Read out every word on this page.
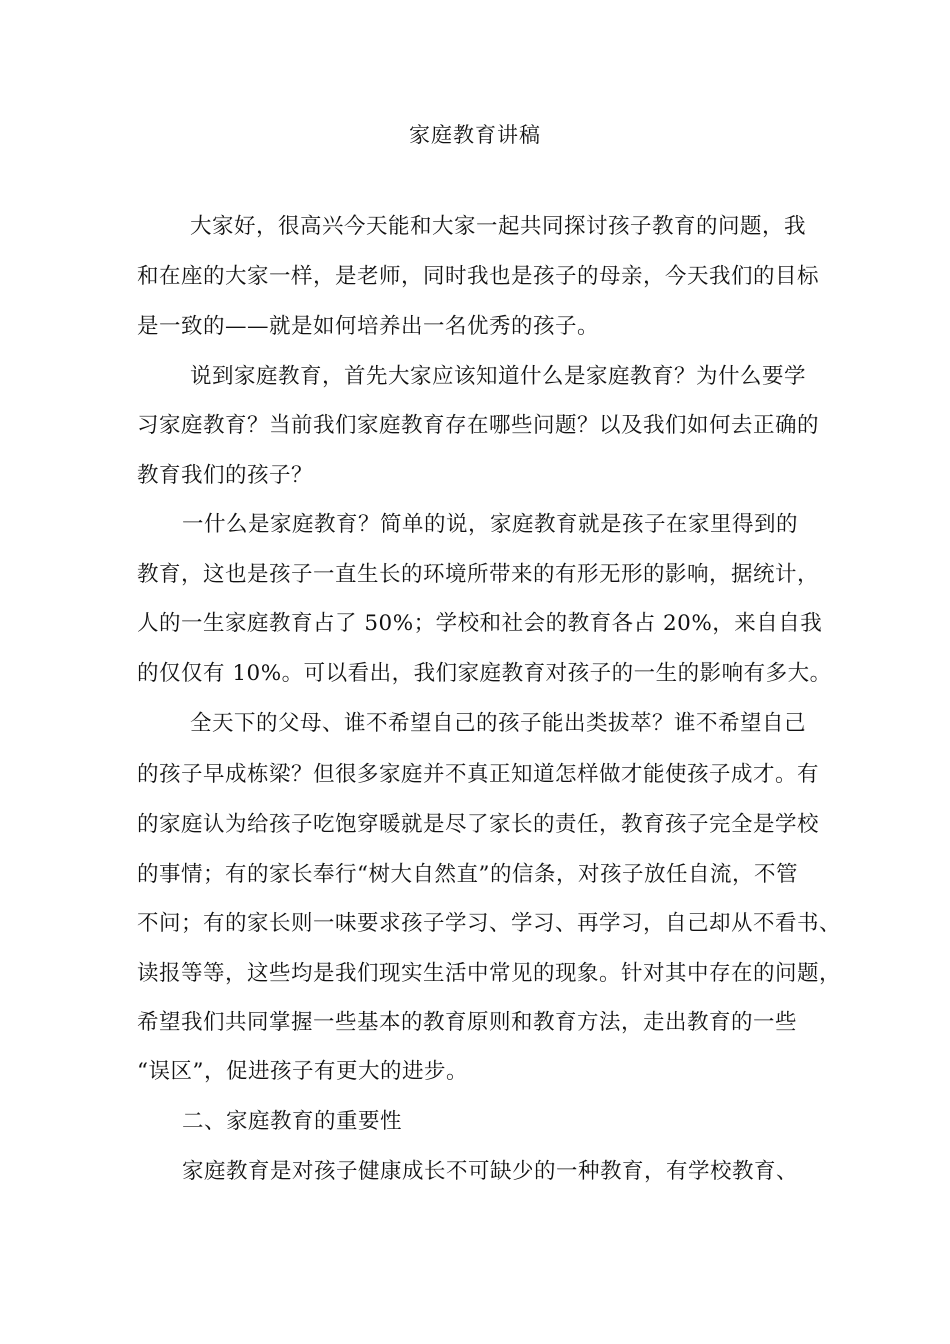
家庭教育讲稿
大家好，很高兴今天能和大家一起共同探讨孩子教育的问题，我
和在座的大家一样，是老师，同时我也是孩子的母亲，今天我们的目标
是一致的——就是如何培养出一名优秀的孩子。
说到家庭教育，首先大家应该知道什么是家庭教育？为什么要学
习家庭教育？当前我们家庭教育存在哪些问题？以及我们如何去正确的
教育我们的孩子？
一什么是家庭教育？简单的说，家庭教育就是孩子在家里得到的
教育，这也是孩子一直生长的环境所带来的有形无形的影响，据统计，
人的一生家庭教育占了 50%；学校和社会的教育各占 20%，来自自我
的仅仅有 10%。可以看出，我们家庭教育对孩子的一生的影响有多大。
全天下的父母、谁不希望自己的孩子能出类拔萃？谁不希望自己
的孩子早成栋梁？但很多家庭并不真正知道怎样做才能使孩子成才。有
的家庭认为给孩子吃饱穿暖就是尽了家长的责任，教育孩子完全是学校
的事情；有的家长奉行“树大自然直”的信条，对孩子放任自流，不管
不问；有的家长则一味要求孩子学习、学习、再学习，自己却从不看书、
读报等等，这些均是我们现实生活中常见的现象。针对其中存在的问题，
希望我们共同掌握一些基本的教育原则和教育方法，走出教育的一些
“误区”，促进孩子有更大的进步。
二、家庭教育的重要性
家庭教育是对孩子健康成长不可缺少的一种教育，有学校教育、
